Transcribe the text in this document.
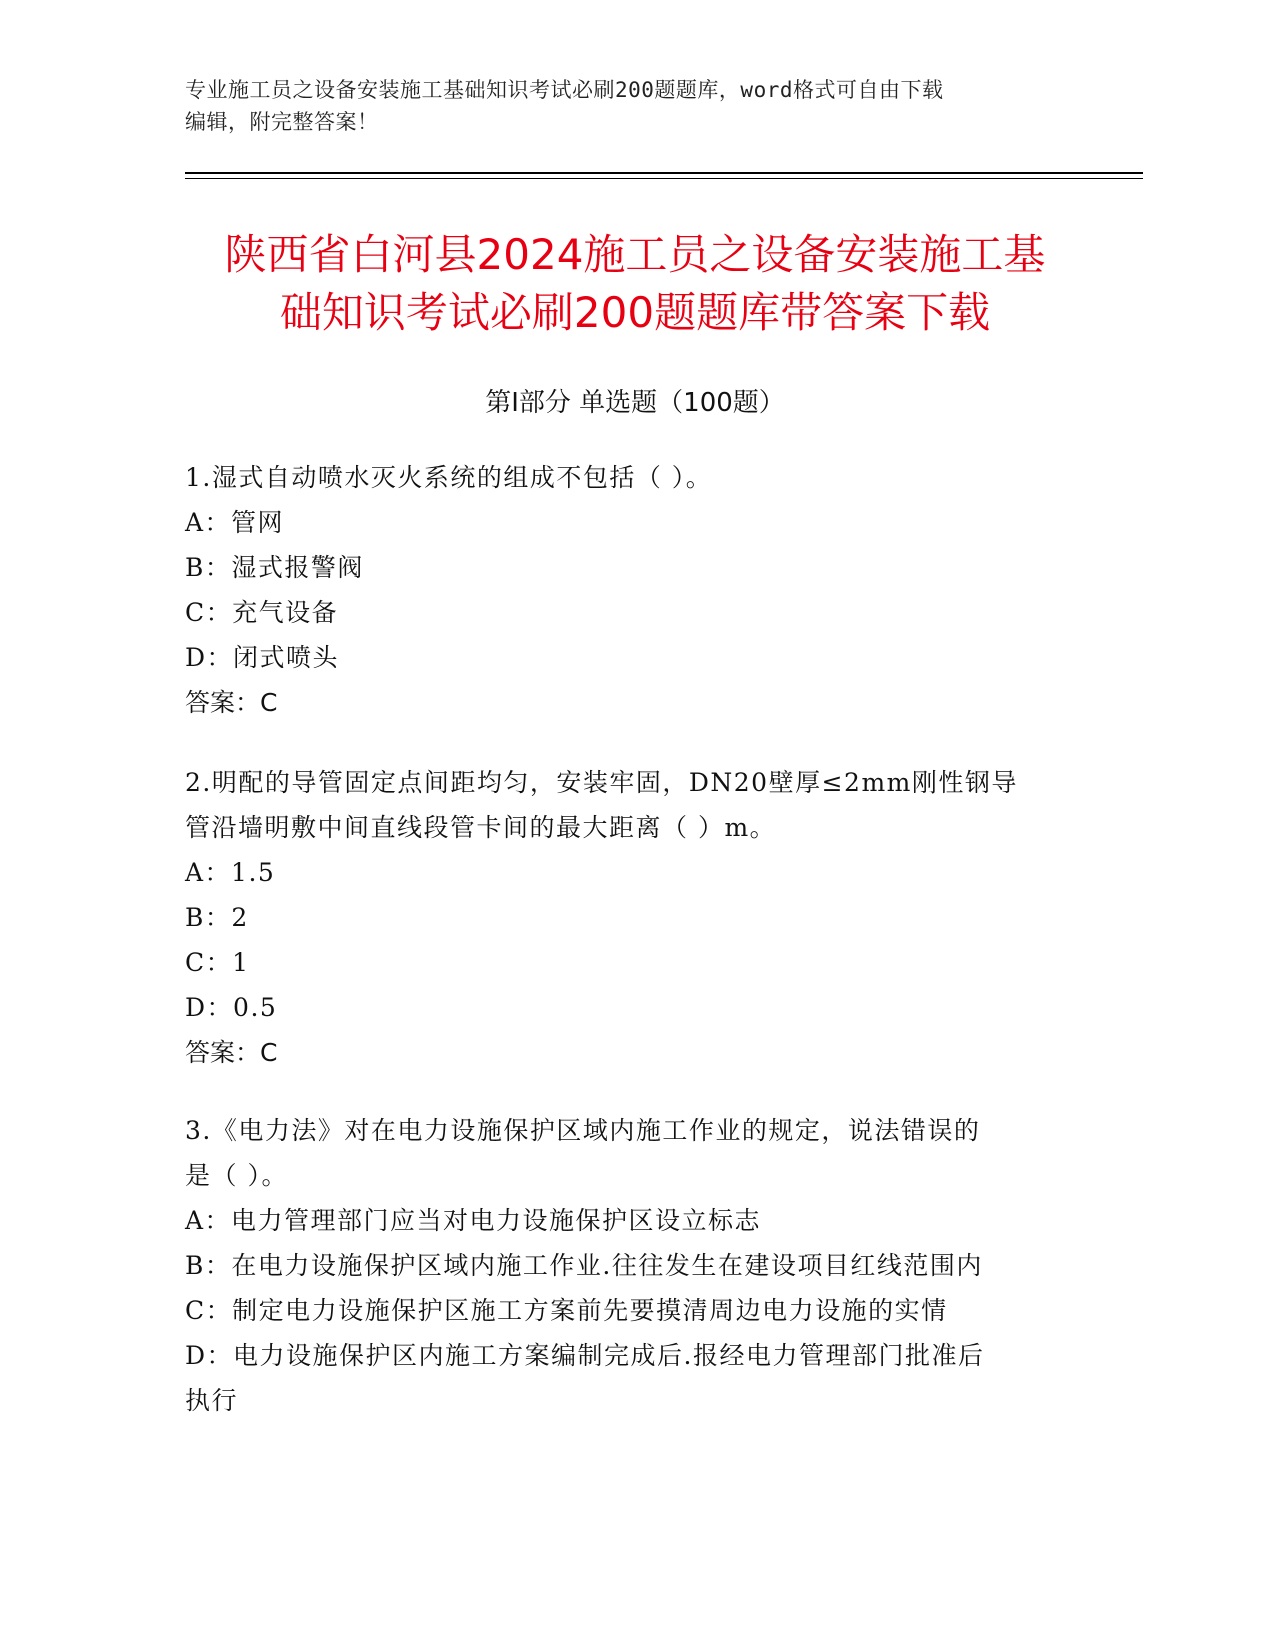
专业施工员之设备安装施工基础知识考试必刷200题题库，word格式可自由下载
编辑，附完整答案！
陕西省白河县2024施工员之设备安装施工基
础知识考试必刷200题题库带答案下载
第Ⅰ部分 单选题（100题）
1.湿式自动喷水灭火系统的组成不包括（ ）。
A：管网
B：湿式报警阀
C：充气设备
D：闭式喷头
答案：C
2.明配的导管固定点间距均匀，安装牢固，DN20壁厚≤2mm刚性钢导
管沿墙明敷中间直线段管卡间的最大距离（ ）m。
A：1.5
B：2
C：1
D：0.5
答案：C
3.《电力法》对在电力设施保护区域内施工作业的规定，说法错误的
是（ ）。
A：电力管理部门应当对电力设施保护区设立标志
B：在电力设施保护区域内施工作业.往往发生在建设项目红线范围内
C：制定电力设施保护区施工方案前先要摸清周边电力设施的实情
D：电力设施保护区内施工方案编制完成后.报经电力管理部门批准后
执行
